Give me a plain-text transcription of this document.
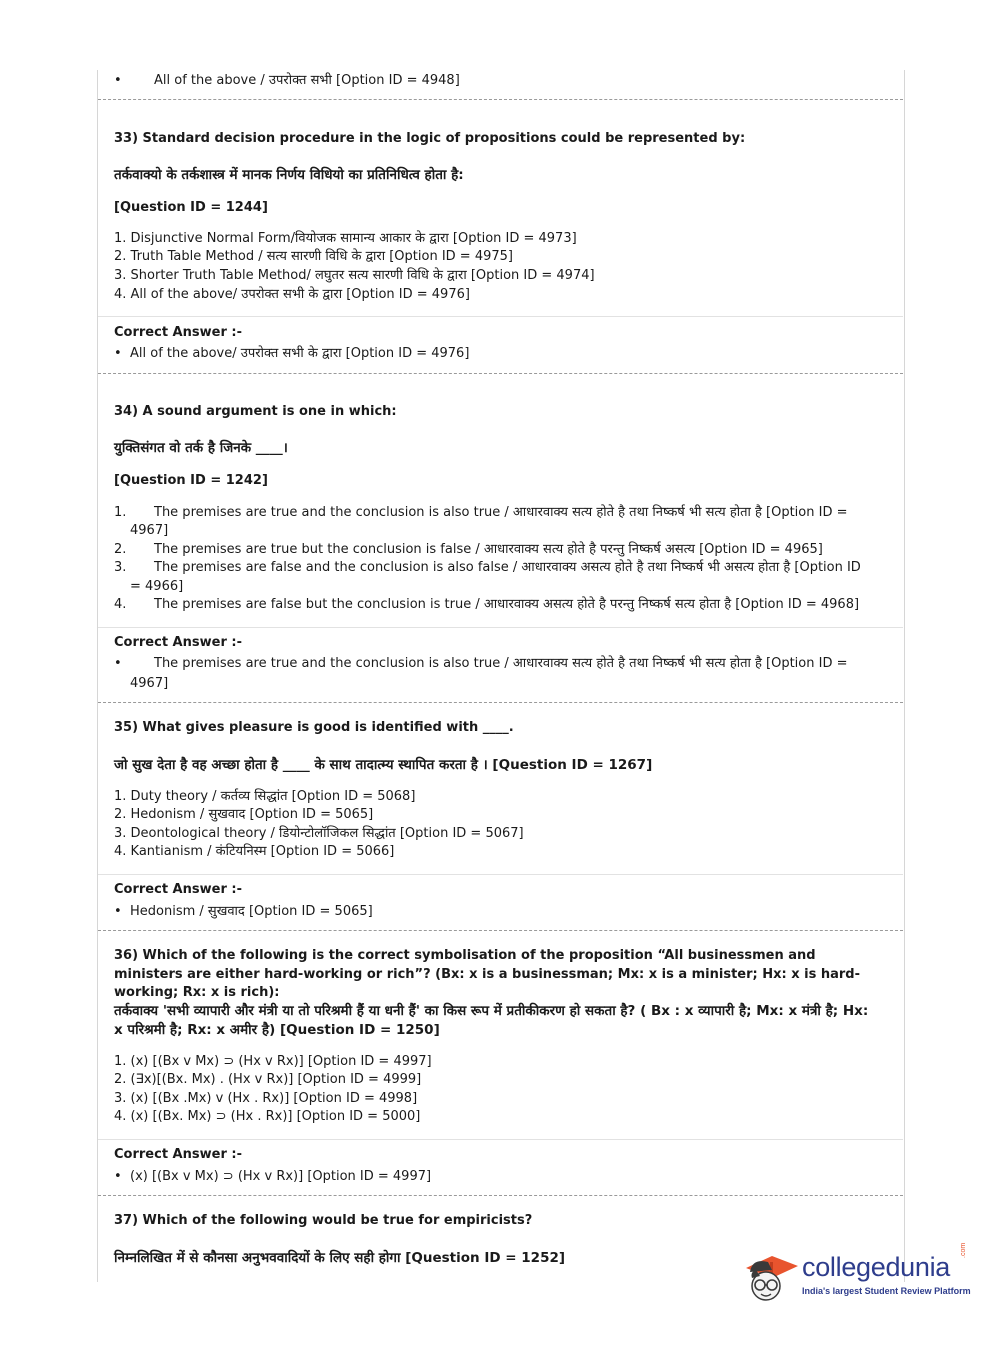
• All of the above / उपरोक्त सभी [Option ID = 4948]
33) Standard decision procedure in the logic of propositions could be represented by:
तर्कवाक्यो के तर्कशास्त्र में मानक निर्णय विधियो का प्रतिनिधित्व होता है:
[Question ID = 1244]
1. Disjunctive Normal Form/वियोजक सामान्य आकार के द्वारा [Option ID = 4973]
2. Truth Table Method / सत्य सारणी विधि के द्वारा [Option ID = 4975]
3. Shorter Truth Table Method/ लघुतर सत्य सारणी विधि के द्वारा [Option ID = 4974]
4. All of the above/ उपरोक्त सभी के द्वारा [Option ID = 4976]
Correct Answer :-
• All of the above/ उपरोक्त सभी के द्वारा [Option ID = 4976]
34) A sound argument is one in which:
युक्तिसंगत वो तर्क है जिनके ____।
[Question ID = 1242]
1. The premises are true and the conclusion is also true / आधारवाक्य सत्य होते है तथा निष्कर्ष भी सत्य होता है [Option ID =
4967]
2. The premises are true but the conclusion is false / आधारवाक्य सत्य होते है परन्तु निष्कर्ष असत्य [Option ID = 4965]
3. The premises are false and the conclusion is also false / आधारवाक्य असत्य होते है तथा निष्कर्ष भी असत्य होता है [Option ID
= 4966]
4. The premises are false but the conclusion is true / आधारवाक्य असत्य होते है परन्तु निष्कर्ष सत्य होता है [Option ID = 4968]
Correct Answer :-
• The premises are true and the conclusion is also true / आधारवाक्य सत्य होते है तथा निष्कर्ष भी सत्य होता है [Option ID =
4967]
35) What gives pleasure is good is identified with ____.
जो सुख देता है वह अच्छा होता है ____ के साथ तादात्म्य स्थापित करता है । [Question ID = 1267]
1. Duty theory / कर्तव्य सिद्धांत [Option ID = 5068]
2. Hedonism / सुखवाद [Option ID = 5065]
3. Deontological theory / डियोन्टोलॉजिकल सिद्धांत [Option ID = 5067]
4. Kantianism / कंटियनिस्म [Option ID = 5066]
Correct Answer :-
• Hedonism / सुखवाद [Option ID = 5065]
36) Which of the following is the correct symbolisation of the proposition “All businessmen and ministers are either hard-working or rich”? (Bx: x is a businessman; Mx: x is a minister; Hx: x is hard-working; Rx: x is rich):
तर्कवाक्य 'सभी व्यापारी और मंत्री या तो परिश्रमी हैं या धनी हैं' का किस रूप में प्रतीकीकरण हो सकता है? ( Bx : x व्यापारी है; Mx: x मंत्री है; Hx: x परिश्रमी है; Rx: x अमीर है) [Question ID = 1250]
1. (x) [(Bx v Mx) ⊃ (Hx v Rx)] [Option ID = 4997]
2. (∃x)[(Bx. Mx) . (Hx v Rx)] [Option ID = 4999]
3. (x) [(Bx .Mx) v (Hx . Rx)] [Option ID = 4998]
4. (x) [(Bx. Mx) ⊃ (Hx . Rx)] [Option ID = 5000]
Correct Answer :-
• (x) [(Bx v Mx) ⊃ (Hx v Rx)] [Option ID = 4997]
37) Which of the following would be true for empiricists?
निम्नलिखित में से कौनसा अनुभववादियों के लिए सही होगा [Question ID = 1252]	collegedunia
.com
India's largest Student Review Platform
